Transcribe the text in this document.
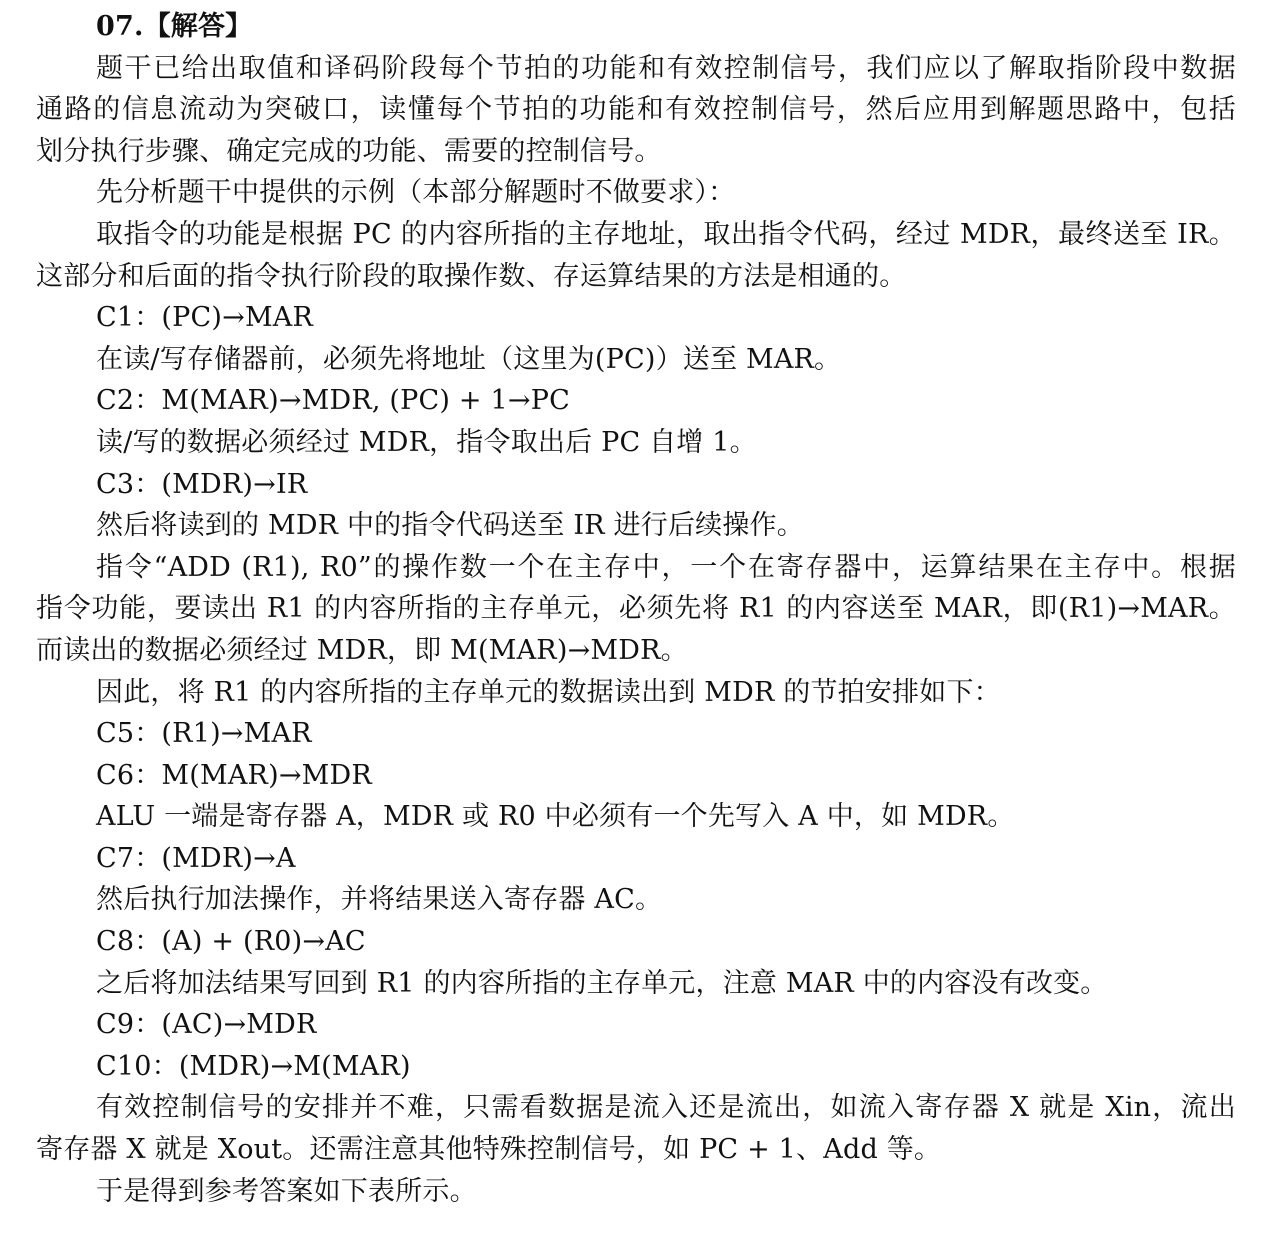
07.【解答】
题干已给出取值和译码阶段每个节拍的功能和有效控制信号，我们应以了解取指阶段中数据
通路的信息流动为突破口，读懂每个节拍的功能和有效控制信号，然后应用到解题思路中，包括
划分执行步骤、确定完成的功能、需要的控制信号。
先分析题干中提供的示例（本部分解题时不做要求）：
取指令的功能是根据 PC 的内容所指的主存地址，取出指令代码，经过 MDR，最终送至 IR。
这部分和后面的指令执行阶段的取操作数、存运算结果的方法是相通的。
C1：(PC)→MAR
在读/写存储器前，必须先将地址（这里为(PC)）送至 MAR。
C2：M(MAR)→MDR, (PC) + 1→PC
读/写的数据必须经过 MDR，指令取出后 PC 自增 1。
C3：(MDR)→IR
然后将读到的 MDR 中的指令代码送至 IR 进行后续操作。
指令“ADD (R1), R0”的操作数一个在主存中，一个在寄存器中，运算结果在主存中。根据
指令功能，要读出 R1 的内容所指的主存单元，必须先将 R1 的内容送至 MAR，即(R1)→MAR。
而读出的数据必须经过 MDR，即 M(MAR)→MDR。
因此，将 R1 的内容所指的主存单元的数据读出到 MDR 的节拍安排如下：
C5：(R1)→MAR
C6：M(MAR)→MDR
ALU 一端是寄存器 A，MDR 或 R0 中必须有一个先写入 A 中，如 MDR。
C7：(MDR)→A
然后执行加法操作，并将结果送入寄存器 AC。
C8：(A) + (R0)→AC
之后将加法结果写回到 R1 的内容所指的主存单元，注意 MAR 中的内容没有改变。
C9：(AC)→MDR
C10：(MDR)→M(MAR)
有效控制信号的安排并不难，只需看数据是流入还是流出，如流入寄存器 X 就是 Xin，流出
寄存器 X 就是 Xout。还需注意其他特殊控制信号，如 PC + 1、Add 等。
于是得到参考答案如下表所示。
